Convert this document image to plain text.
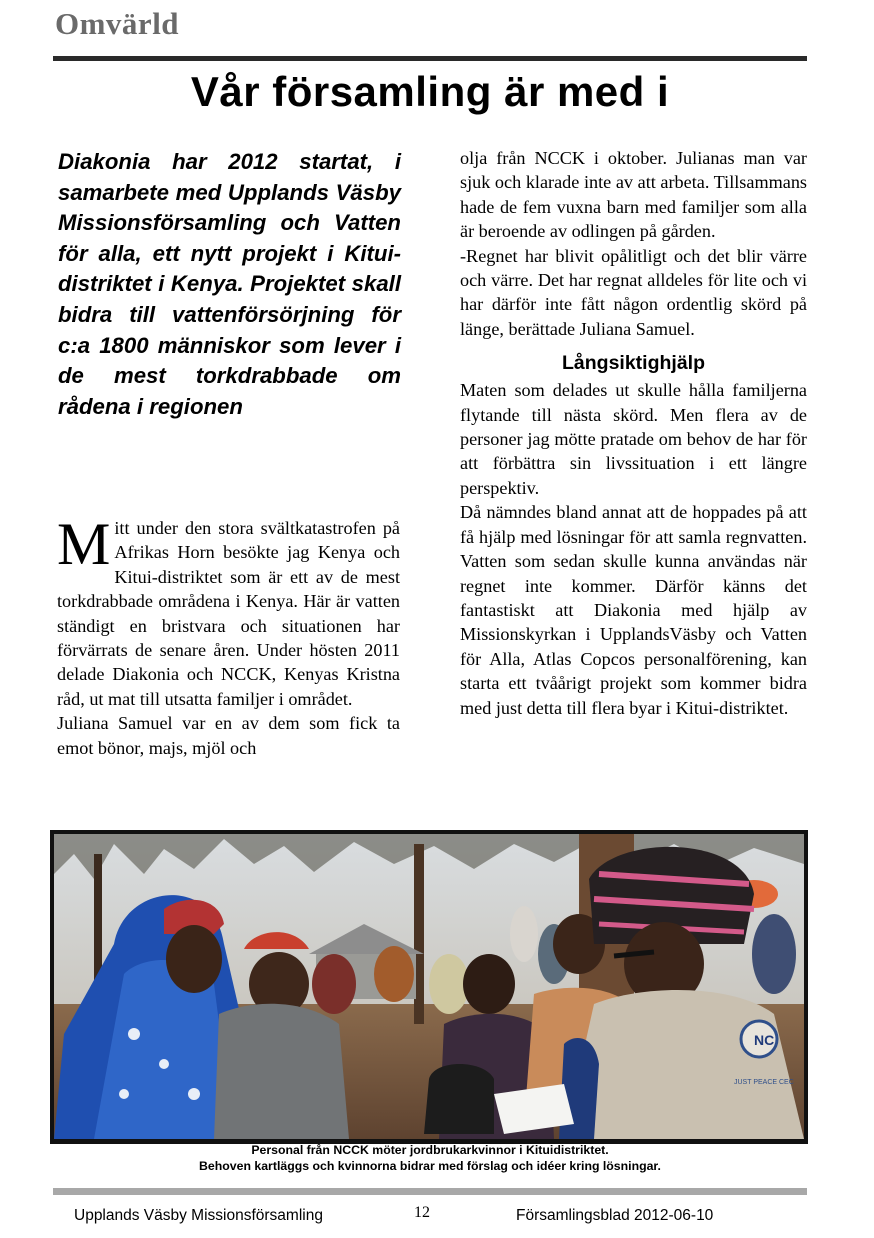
Omvärld
Vår församling är med i
Diakonia har 2012 startat, i samarbete med Upplands Väsby Missionsförsamling och Vatten för alla, ett nytt projekt i Kitui-distriktet i Kenya. Projektet skall bidra till vattenförsörjning för c:a 1800 människor som lever i de mest torkdrabbade om rådena i regionen

Mitt under den stora svältkatastrofen på Afrikas Horn besökte jag Kenya och Kitui-distriktet som är ett av de mest torkdrabbade områdena i Kenya. Här är vatten ständigt en bristvara och situationen har förvärrats de senare åren. Under hösten 2011 delade Diakonia och NCCK, Kenyas Kristna råd, ut mat till utsatta familjer i området.

Juliana Samuel var en av dem som fick ta emot bönor, majs, mjöl och

olja från NCCK i oktober. Julianas man var sjuk och klarade inte av att arbeta. Tillsammans hade de fem vuxna barn med familjer som alla är beroende av odlingen på gården.

-Regnet har blivit opålitligt och det blir värre och värre. Det har regnat alldeles för lite och vi har därför inte fått någon ordentlig skörd på länge, berättade Juliana Samuel.

Långsiktighjälp

Maten som delades ut skulle hålla familjerna flytande till nästa skörd. Men flera av de personer jag mötte pratade om behov de har för att förbättra sin livssituation i ett längre perspektiv.

Då nämndes bland annat att de hoppades på att få hjälp med lösningar för att samla regnvatten. Vatten som sedan skulle kunna användas när regnet inte kommer. Därför känns det fantastiskt att Diakonia med hjälp av Missionskyrkan i UpplandsVäsby och Vatten för Alla, Atlas Copcos personalförening, kan starta ett tvåårigt projekt som kommer bidra med just detta till flera byar i Kitui-distriktet.

NC
JUST PEACE CEC
Personal från NCCK möter jordbrukarkvinnor i Kituidistriktet.
Behoven kartläggs och kvinnorna bidrar med förslag och idéer kring lösningar.
Upplands Väsby Missionsförsamling	12	Församlingsblad 2012-06-10
